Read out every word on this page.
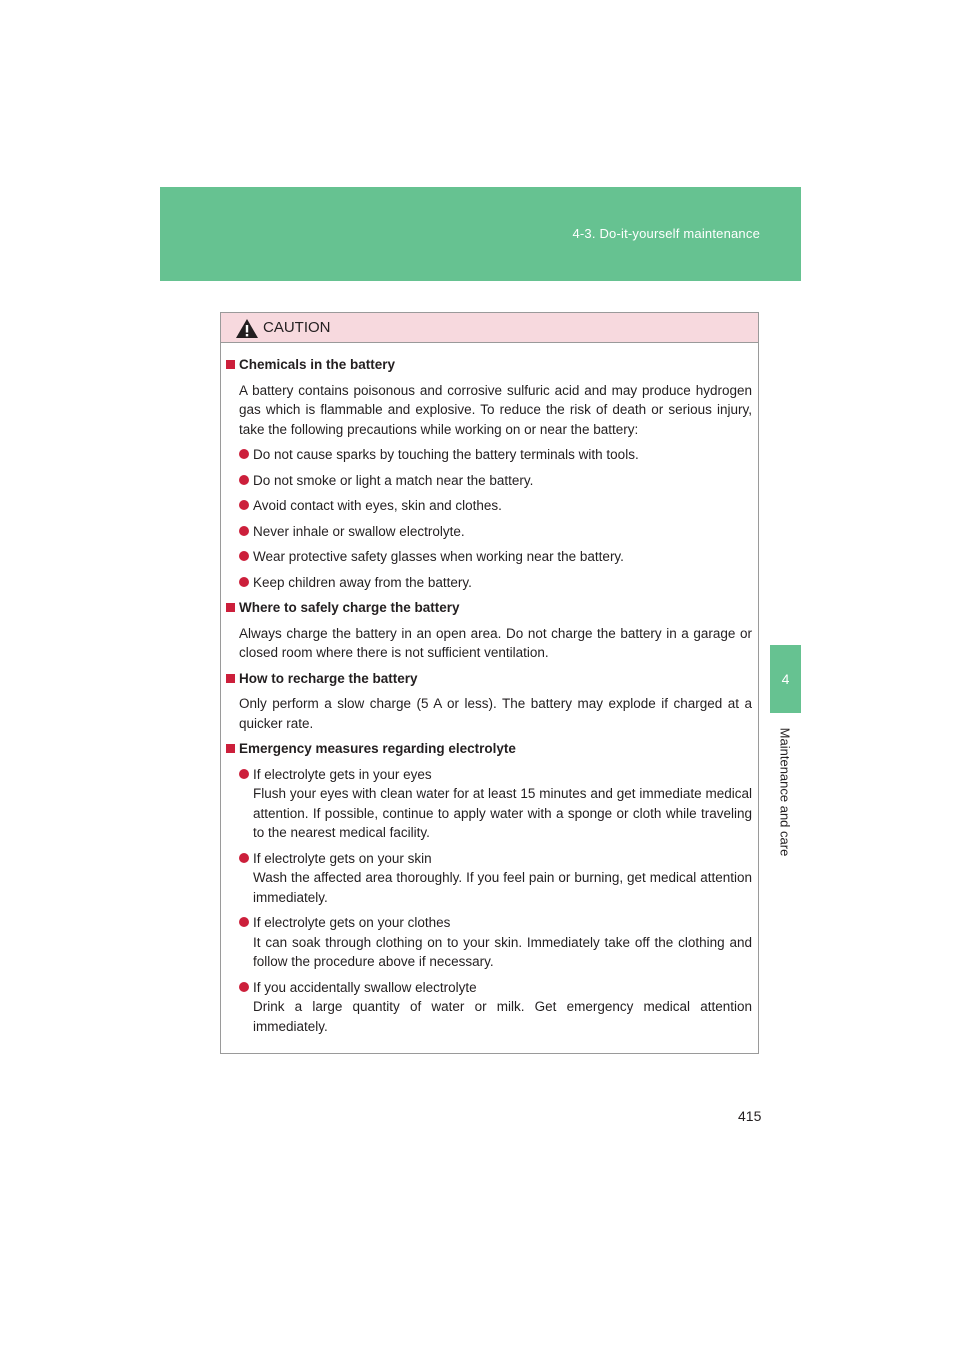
4-3. Do-it-yourself maintenance
4
Maintenance and care
CAUTION
Chemicals in the battery
A battery contains poisonous and corrosive sulfuric acid and may produce hydrogen gas which is flammable and explosive. To reduce the risk of death or serious injury, take the following precautions while working on or near the battery:
Do not cause sparks by touching the battery terminals with tools.
Do not smoke or light a match near the battery.
Avoid contact with eyes, skin and clothes.
Never inhale or swallow electrolyte.
Wear protective safety glasses when working near the battery.
Keep children away from the battery.
Where to safely charge the battery
Always charge the battery in an open area. Do not charge the battery in a garage or closed room where there is not sufficient ventilation.
How to recharge the battery
Only perform a slow charge (5 A or less). The battery may explode if charged at a quicker rate.
Emergency measures regarding electrolyte
If electrolyte gets in your eyes
Flush your eyes with clean water for at least 15 minutes and get immediate medical attention. If possible, continue to apply water with a sponge or cloth while traveling to the nearest medical facility.
If electrolyte gets on your skin
Wash the affected area thoroughly. If you feel pain or burning, get medical attention immediately.
If electrolyte gets on your clothes
It can soak through clothing on to your skin. Immediately take off the clothing and follow the procedure above if necessary.
If you accidentally swallow electrolyte
Drink a large quantity of water or milk. Get emergency medical attention immediately.
415
